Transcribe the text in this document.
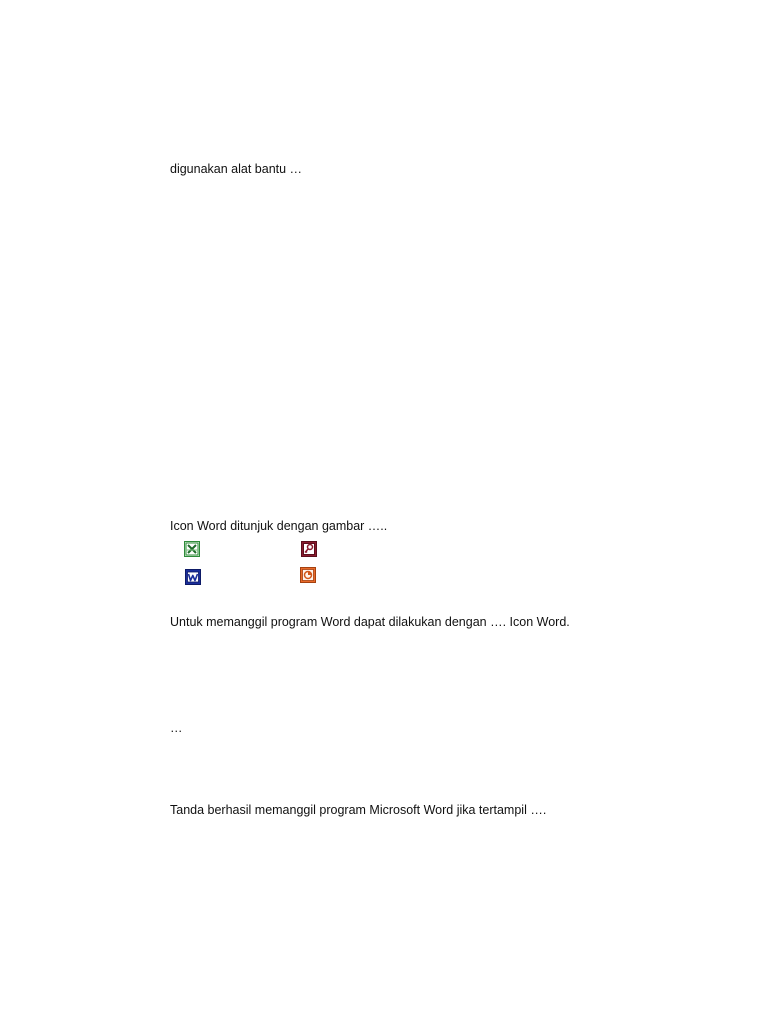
digunakan alat bantu …
Icon Word ditunjuk dengan gambar …..
Untuk memanggil program Word dapat dilakukan dengan …. Icon Word.
…
Tanda berhasil memanggil program Microsoft Word jika tertampil ….
